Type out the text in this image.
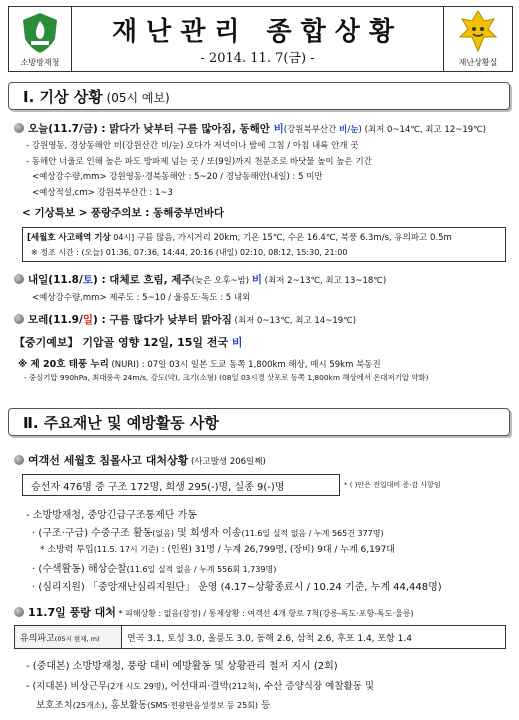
소방방재청
재난관리 종합상황
- 2014. 11. 7(금) -	재난상황실
Ⅰ. 기상 상황 (05시 예보)
오늘(11.7/금) : 맑다가 낮부터 구름 많아짐, 동해안 비(강원북부산간 비/눈) (최저 0~14℃, 최고 12~19℃)
- 강원영동, 경상동해안 비(강원산간 비/눈) 오다가 저녁이나 밤에 그침 / 아침 내륙 안개 곳
- 동해안 너울로 인해 높은 파도 방파제 넘는 곳 / 또(9일)까지 천문조로 바닷물 높이 높은 기간
<예상강수량,mm> 강원영동·경북동해안 : 5~20 / 경남동해안(내일) : 5 미만
<예상적설,cm> 강원북부산간 : 1~3
< 기상특보 > 풍랑주의보 : 동해중부먼바다
[세월호 사고해역 기상 04시] 구름 많음, 가시거리 20km, 기온 15℃, 수온 16.4℃, 북풍 6.3m/s, 유의파고 0.5m
※ 정조 시간 : (오늘) 01:36, 07:36, 14:44, 20:16 (내일) 02:10, 08:12, 15:30, 21:00
내일(11.8/토) : 대체로 흐림, 제주(늦은 오후~밤) 비 (최저 2~13℃, 최고 13~18℃)
<예상강수량,mm> 제주도 : 5~10 / 울릉도·독도 : 5 내외
모레(11.9/일) : 구름 많다가 낮부터 맑아짐 (최저 0~13℃, 최고 14~19℃)
【중기예보】 기압골 영향 12일, 15일 전국 비
※ 제 20호 태풍 누리 (NURI) : 07일 03시 일본 도쿄 동쪽 1,800km 해상, 매시 59km 북동진
- 중심기압 990hPa, 최대풍속 24m/s, 강도(약), 크기(소형) (08일 03시경 삿포로 동쪽 1,800km 해상에서 온대저기압 약화)
Ⅱ. 주요재난 및 예방활동 사항
여객선 세월호 침몰사고 대처상황 (사고발생 206일째)
승선자 476명 중 구조 172명, 희생 295(-)명, 실종 9(-)명	* ( )안은 전일대비 증·감 사항임
- 소방방재청, 중앙긴급구조통제단 가동
· (구조·구급) 수중구조 활동(없음) 및 희생자 이송(11.6일 실적 없음 / 누계 565건 377명)
* 소방력 투입(11.5. 17시 기준) : (인원) 31명 / 누계 26,799명, (장비) 9대 / 누계 6,197대
· (수색활동) 해상순찰(11.6일 실적 없음 / 누계 556회 1,739명)
· (심리지원) 「중앙재난심리지원단」 운영 (4.17~상황종료시 / 10.24 기준, 누계 44,448명)
11.7일 풍랑 대처 * 피해상황 : 없음(잠정) / 통제상황 : 여객선 4개 항로 7척(강릉-독도·포항-독도·울릉)
유의파고(05시 현재, m)	연곡 3.1, 토성 3.0, 울릉도 3.0, 동해 2.6, 삼척 2.6, 후포 1.4, 포항 1.4
- (중대본) 소방방재청, 풍랑 대비 예방활동 및 상황관리 철저 지시 (2회)
- (지대본) 비상근무(2개 시도 29명), 어선대피·결박(212척), 수산 증양식장 예찰활동 및
보호조치(25개소), 홍보활동(SMS·전광판음성정보 등 25회) 등
